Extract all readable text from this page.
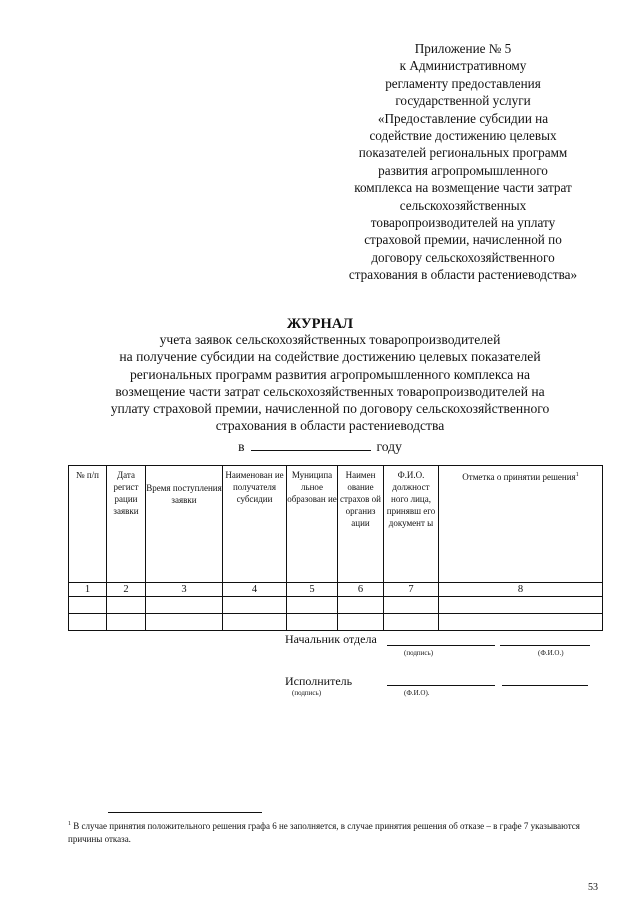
Приложение № 5
к Административному
регламенту предоставления
государственной услуги
«Предоставление субсидии на
содействие достижению целевых
показателей региональных программ
развития агропромышленного
комплекса на возмещение части затрат
сельскохозяйственных
товаропроизводителей на уплату
страховой премии, начисленной по
договору сельскохозяйственного
страхования в области растениеводства»
ЖУРНАЛ
учета заявок сельскохозяйственных товаропроизводителей
на получение субсидии на содействие достижению целевых показателей
региональных программ развития агропромышленного комплекса на
возмещение части затрат сельскохозяйственных товаропроизводителей на
уплату страховой премии, начисленной по договору сельскохозяйственного
страхования в области растениеводства
в	году
№ п/п	Дата регист рации заявки	Время поступления заявки	Наименован ие получателя субсидии	Муниципа льное образован ие	Наимен ование страхов ой организ ации	Ф.И.О. должност ного лица, принявш его документ ы	Отметка о принятии решения$^1$
1	2	3	4	5	6	7	8

Начальник отдела
(подпись)	(Ф.И.О.)
Исполнитель
(подпись)	(Ф.И.О).
$^1$ В случае принятия положительного решения графа 6 не заполняется, в случае принятия решения об отказе – в графе 7 указываются причины отказа.
53
